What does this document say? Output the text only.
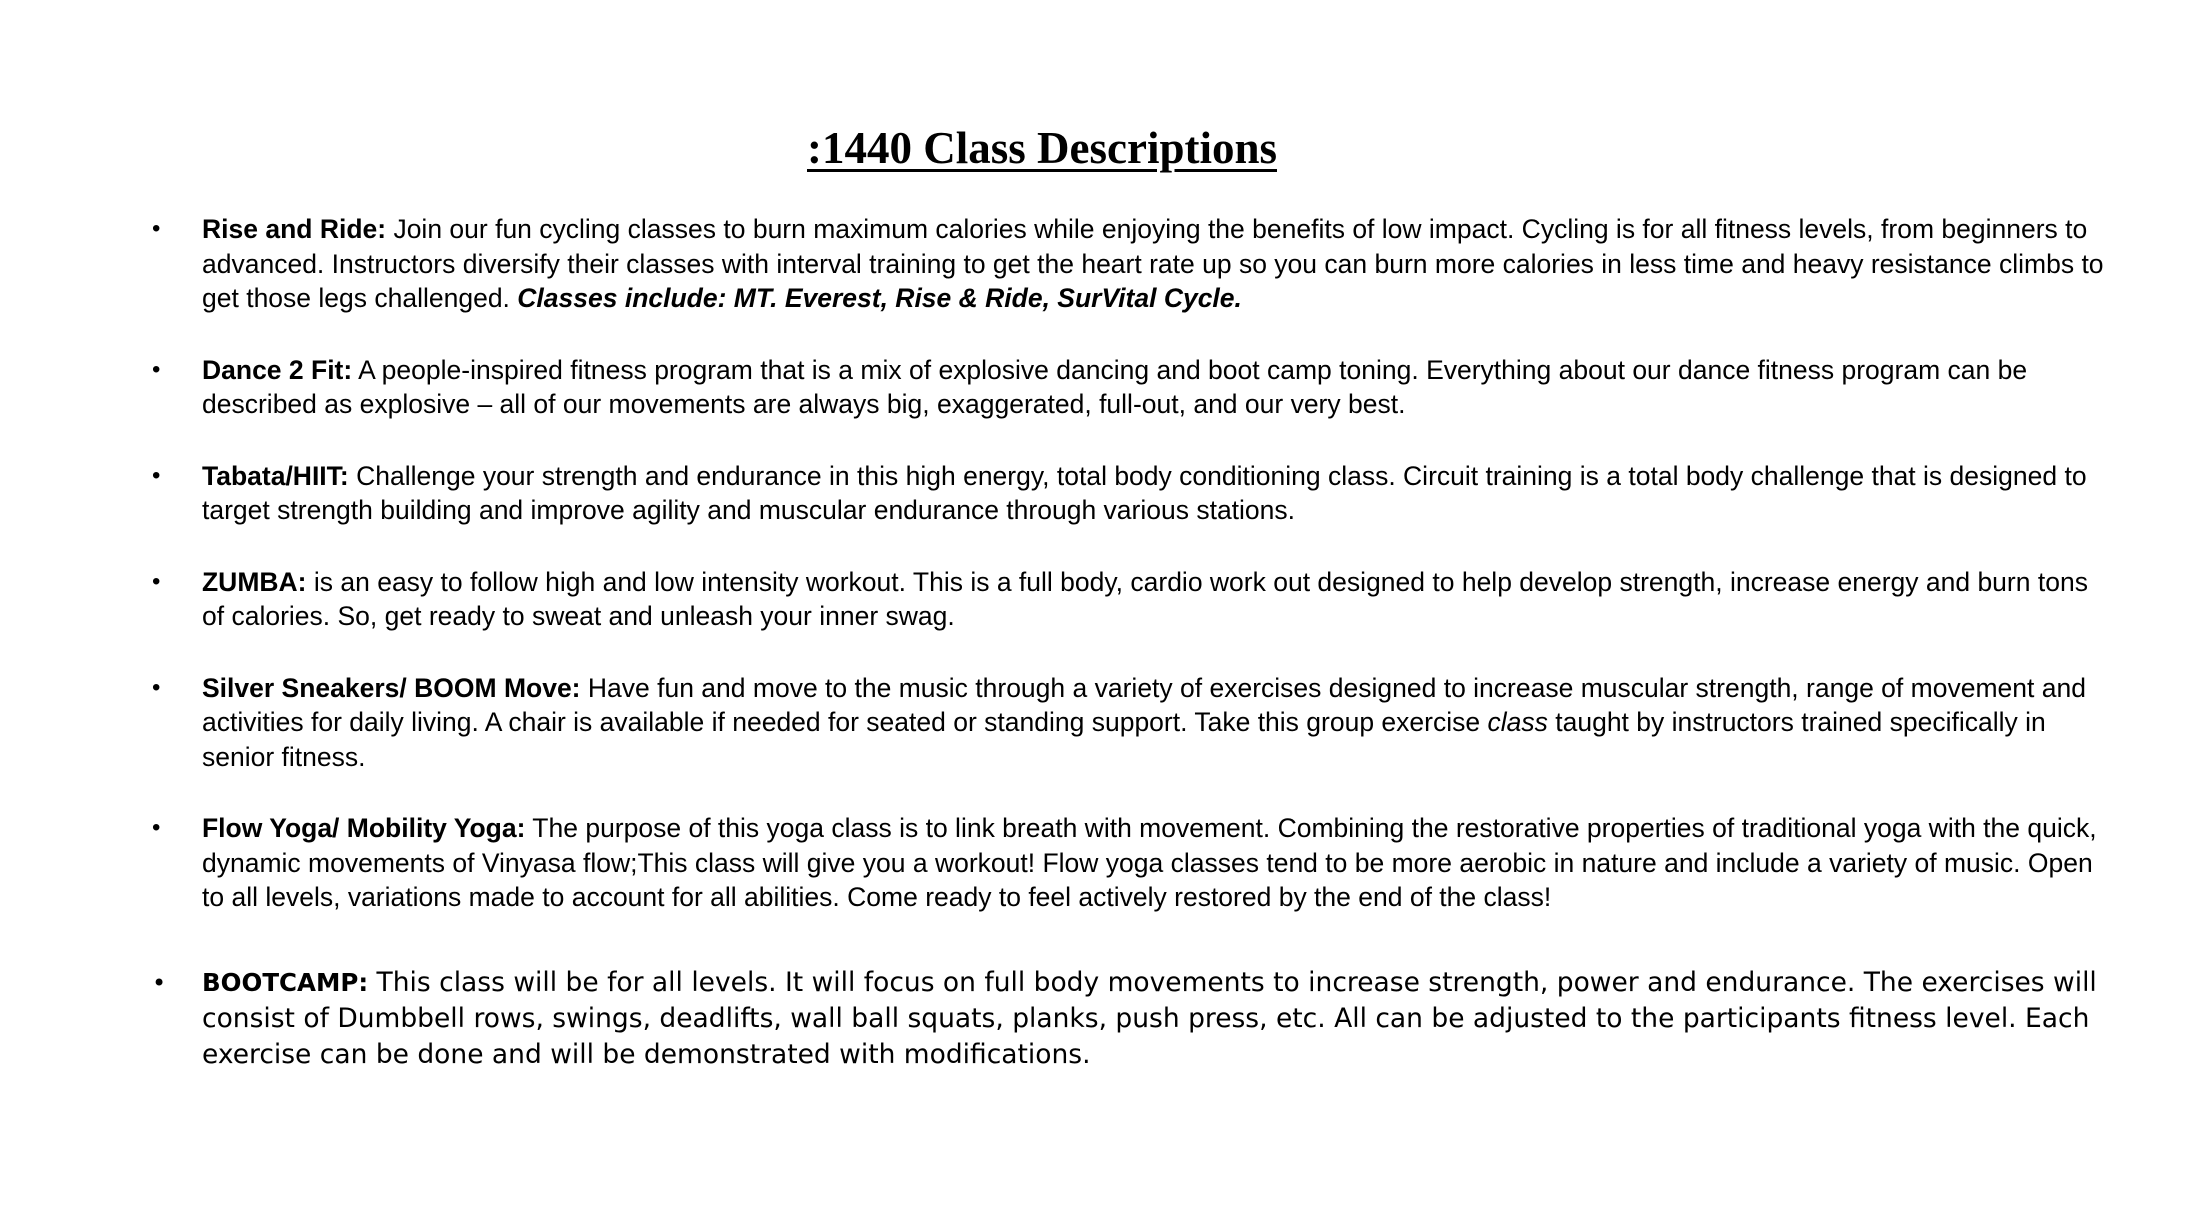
:1440 Class Descriptions
• Rise and Ride: Join our fun cycling classes to burn maximum calories while enjoying the benefits of low impact. Cycling is for all fitness levels, from beginners to advanced. Instructors diversify their classes with interval training to get the heart rate up so you can burn more calories in less time and heavy resistance climbs to get those legs challenged. Classes include: MT. Everest, Rise & Ride, SurVital Cycle.
• Dance 2 Fit: A people-inspired fitness program that is a mix of explosive dancing and boot camp toning. Everything about our dance fitness program can be described as explosive – all of our movements are always big, exaggerated, full-out, and our very best.
• Tabata/HIIT: Challenge your strength and endurance in this high energy, total body conditioning class. Circuit training is a total body challenge that is designed to target strength building and improve agility and muscular endurance through various stations.
• ZUMBA: is an easy to follow high and low intensity workout. This is a full body, cardio work out designed to help develop strength, increase energy and burn tons of calories. So, get ready to sweat and unleash your inner swag.
• Silver Sneakers/ BOOM Move: Have fun and move to the music through a variety of exercises designed to increase muscular strength, range of movement and activities for daily living. A chair is available if needed for seated or standing support. Take this group exercise class taught by instructors trained specifically in senior fitness.
• Flow Yoga/ Mobility Yoga: The purpose of this yoga class is to link breath with movement. Combining the restorative properties of traditional yoga with the quick, dynamic movements of Vinyasa flow;This class will give you a workout! Flow yoga classes tend to be more aerobic in nature and include a variety of music. Open to all levels, variations made to account for all abilities. Come ready to feel actively restored by the end of the class!
• BOOTCAMP: This class will be for all levels. It will focus on full body movements to increase strength, power and endurance. The exercises will consist of Dumbbell rows, swings, deadlifts, wall ball squats, planks, push press, etc. All can be adjusted to the participants fitness level. Each exercise can be done and will be demonstrated with modifications.
